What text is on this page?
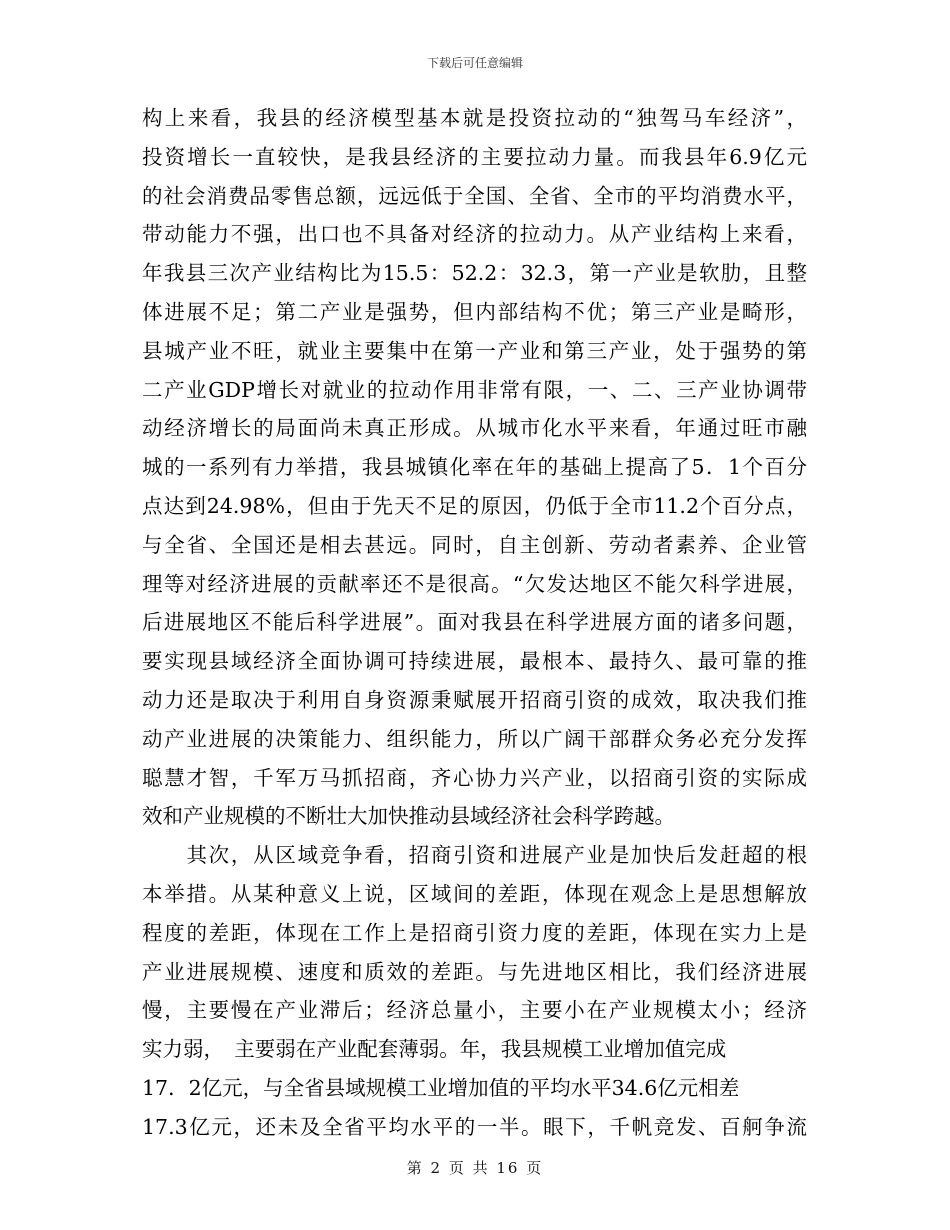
下载后可任意编辑
构上来看，我县的经济模型基本就是投资拉动的“独驾马车经济”，
投资增长一直较快，是我县经济的主要拉动力量。而我县年6.9亿元
的社会消费品零售总额，远远低于全国、全省、全市的平均消费水平，
带动能力不强，出口也不具备对经济的拉动力。从产业结构上来看，
年我县三次产业结构比为15.5：52.2：32.3，第一产业是软肋，且整
体进展不足；第二产业是强势，但内部结构不优；第三产业是畸形，
县城产业不旺，就业主要集中在第一产业和第三产业，处于强势的第
二产业GDP增长对就业的拉动作用非常有限，一、二、三产业协调带
动经济增长的局面尚未真正形成。从城市化水平来看，年通过旺市融
城的一系列有力举措，我县城镇化率在年的基础上提高了5．1个百分
点达到24.98%，但由于先天不足的原因，仍低于全市11.2个百分点，
与全省、全国还是相去甚远。同时，自主创新、劳动者素养、企业管
理等对经济进展的贡献率还不是很高。“欠发达地区不能欠科学进展，
后进展地区不能后科学进展”。面对我县在科学进展方面的诸多问题，
要实现县域经济全面协调可持续进展，最根本、最持久、最可靠的推
动力还是取决于利用自身资源秉赋展开招商引资的成效，取决我们推
动产业进展的决策能力、组织能力，所以广阔干部群众务必充分发挥
聪慧才智，千军万马抓招商，齐心协力兴产业，以招商引资的实际成
效和产业规模的不断壮大加快推动县域经济社会科学跨越。
　　其次，从区域竞争看，招商引资和进展产业是加快后发赶超的根
本举措。从某种意义上说，区域间的差距，体现在观念上是思想解放
程度的差距，体现在工作上是招商引资力度的差距，体现在实力上是
产业进展规模、速度和质效的差距。与先进地区相比，我们经济进展
慢，主要慢在产业滞后；经济总量小，主要小在产业规模太小；经济
实力弱，　主要弱在产业配套薄弱。年，我县规模工业增加值完成
17．2亿元，与全省县域规模工业增加值的平均水平34.6亿元相差
17.3亿元，还未及全省平均水平的一半。眼下，千帆竞发、百舸争流
第 2 页 共 16 页
